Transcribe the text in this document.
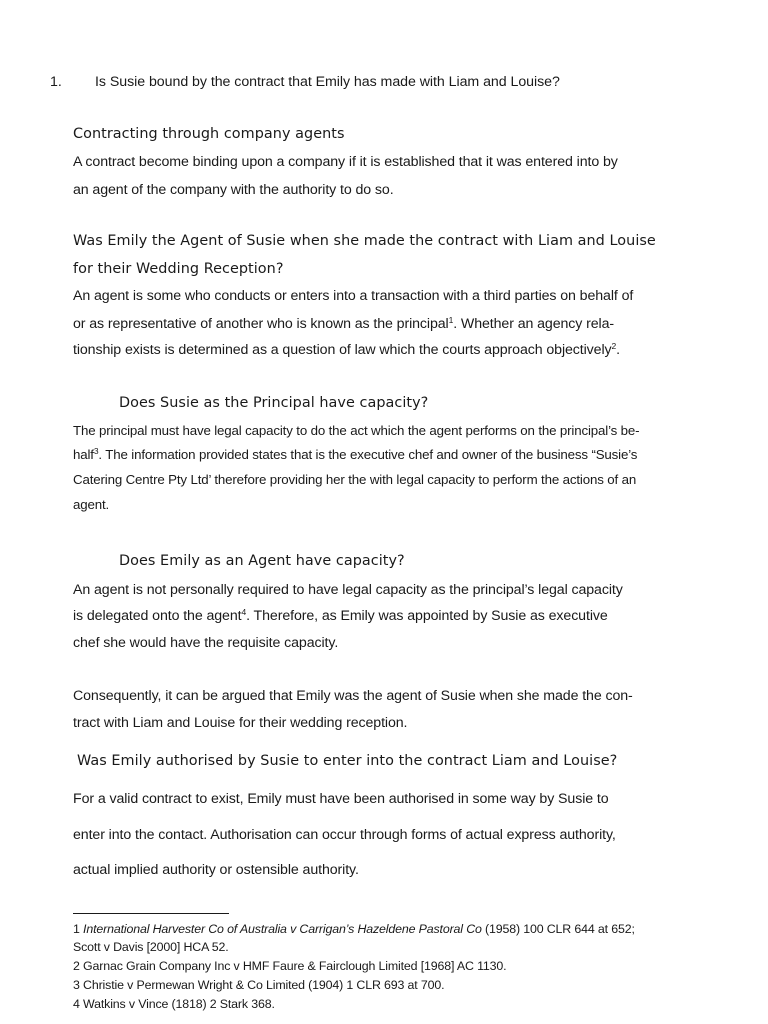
1. Is Susie bound by the contract that Emily has made with Liam and Louise?
Contracting through company agents
A contract become binding upon a company if it is established that it was entered into by
an agent of the company with the authority to do so.
Was Emily the Agent of Susie when she made the contract with Liam and Louise
for their Wedding Reception?
An agent is some who conducts or enters into a transaction with a third parties on behalf of
or as representative of another who is known as the principal$^1$. Whether an agency rela-
tionship exists is determined as a question of law which the courts approach objectively$^2$.
Does Susie as the Principal have capacity?
The principal must have legal capacity to do the act which the agent performs on the principal’s be-
half$^3$. The information provided states that is the executive chef and owner of the business “Susie’s
Catering Centre Pty Ltd’ therefore providing her the with legal capacity to perform the actions of an
agent.
Does Emily as an Agent have capacity?
An agent is not personally required to have legal capacity as the principal’s legal capacity
is delegated onto the agent$^4$. Therefore, as Emily was appointed by Susie as executive
chef she would have the requisite capacity.
Consequently, it can be argued that Emily was the agent of Susie when she made the con-
tract with Liam and Louise for their wedding reception.
Was Emily authorised by Susie to enter into the contract Liam and Louise?
For a valid contract to exist, Emily must have been authorised in some way by Susie to
enter into the contact. Authorisation can occur through forms of actual express authority,
actual implied authority or ostensible authority.
1 International Harvester Co of Australia v Carrigan’s Hazeldene Pastoral Co (1958) 100 CLR 644 at 652;
Scott v Davis [2000] HCA 52.
2 Garnac Grain Company Inc v HMF Faure & Fairclough Limited [1968] AC 1130.
3 Christie v Permewan Wright & Co Limited (1904) 1 CLR 693 at 700.
4 Watkins v Vince (1818) 2 Stark 368.
